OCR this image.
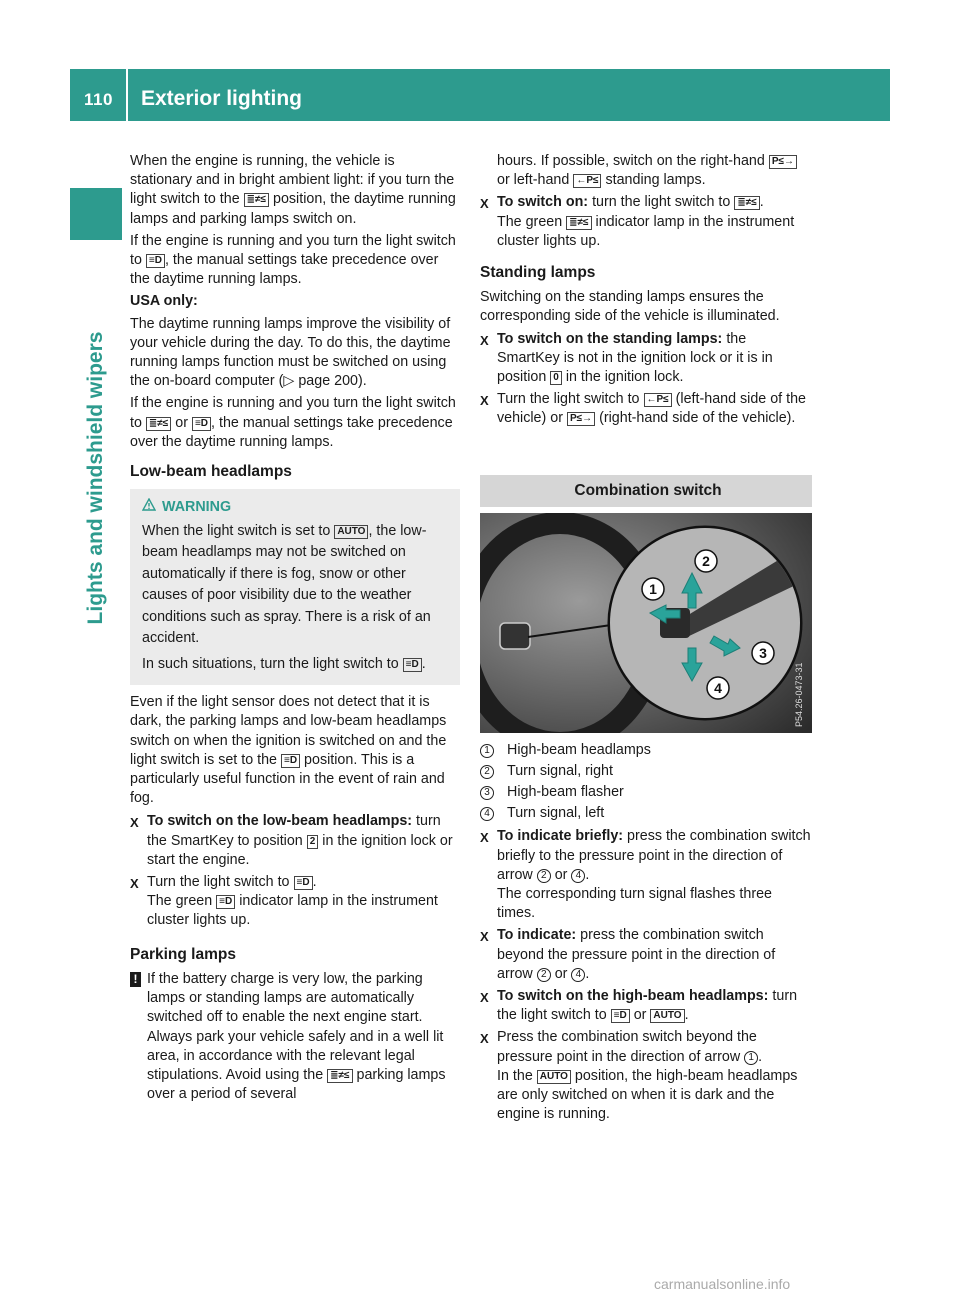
110 Exterior lighting
Lights and windshield wipers
When the engine is running, the vehicle is stationary and in bright ambient light: if you turn the light switch to the ≣≠≤ position, the daytime running lamps and parking lamps switch on.
If the engine is running and you turn the light switch to ≡D , the manual settings take precedence over the daytime running lamps.
USA only:
The daytime running lamps improve the visibility of your vehicle during the day. To do this, the daytime running lamps function must be switched on using the on-board computer (▷ page 200).
If the engine is running and you turn the light switch to ≣≠≤ or ≡D , the manual settings take precedence over the daytime running lamps.
Low-beam headlamps
WARNING
When the light switch is set to AUTO , the low-beam headlamps may not be switched on automatically if there is fog, snow or other causes of poor visibility due to the weather conditions such as spray. There is a risk of an accident.
In such situations, turn the light switch to ≡D .
Even if the light sensor does not detect that it is dark, the parking lamps and low-beam headlamps switch on when the ignition is switched on and the light switch is set to the ≡D position. This is a particularly useful function in the event of rain and fog.
X To switch on the low-beam headlamps: turn the SmartKey to position 2 in the ignition lock or start the engine.
X Turn the light switch to ≡D .
The green ≡D indicator lamp in the instrument cluster lights up.
Parking lamps
! If the battery charge is very low, the parking lamps or standing lamps are automatically switched off to enable the next engine start. Always park your vehicle safely and in a well lit area, in accordance with the relevant legal stipulations. Avoid using the ≣≠≤ parking lamps over a period of several
hours. If possible, switch on the right-hand P≤→ or left-hand ←P≤ standing lamps.
X To switch on: turn the light switch to ≣≠≤ .
The green ≣≠≤ indicator lamp in the instrument cluster lights up.
Standing lamps
Switching on the standing lamps ensures the corresponding side of the vehicle is illuminated.
X To switch on the standing lamps: the SmartKey is not in the ignition lock or it is in position 0 in the ignition lock.
X Turn the light switch to ←P≤ (left-hand side of the vehicle) or P≤→ (right-hand side of the vehicle).
Combination switch
2
1
3
4	P54.26-0473-31
1 High-beam headlamps
2 Turn signal, right
3 High-beam flasher
4 Turn signal, left
X To indicate briefly: press the combination switch briefly to the pressure point in the direction of arrow 2 or 4 .
The corresponding turn signal flashes three times.
X To indicate: press the combination switch beyond the pressure point in the direction of arrow 2 or 4 .
X To switch on the high-beam headlamps: turn the light switch to ≡D or AUTO .
X Press the combination switch beyond the pressure point in the direction of arrow 1 .
In the AUTO position, the high-beam headlamps are only switched on when it is dark and the engine is running.
carmanualsonline.info
